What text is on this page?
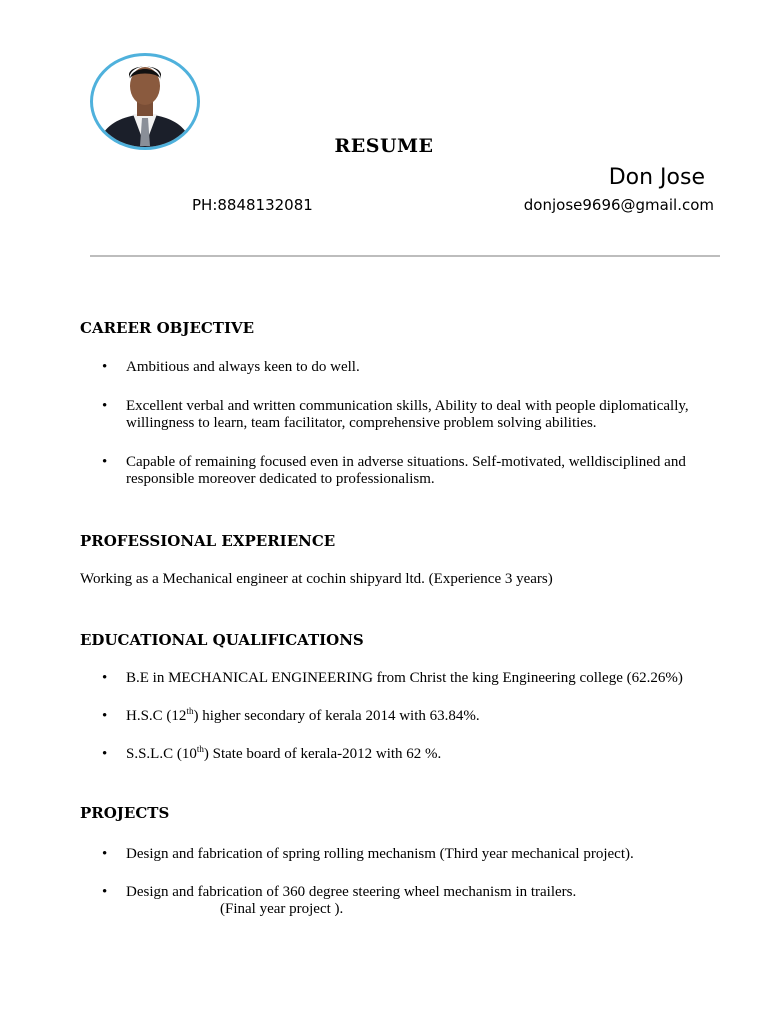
RESUME
Don Jose
PH:8848132081	donjose9696@gmail.com
CAREER OBJECTIVE
• Ambitious and always keen to do well.
• Excellent verbal and written communication skills, Ability to deal with people diplomatically, willingness to learn, team facilitator, comprehensive problem solving abilities.
• Capable of remaining focused even in adverse situations. Self-motivated, welldisciplined and responsible moreover dedicated to professionalism.
PROFESSIONAL EXPERIENCE
Working as a Mechanical engineer at cochin shipyard ltd. (Experience 3 years)
EDUCATIONAL QUALIFICATIONS
• B.E in MECHANICAL ENGINEERING from Christ the king Engineering college (62.26%)
• H.S.C (12th) higher secondary of kerala 2014 with 63.84%.
• S.S.L.C (10th) State board of kerala-2012 with 62 %.
PROJECTS
• Design and fabrication of spring rolling mechanism (Third year mechanical project).
• Design and fabrication of 360 degree steering wheel mechanism in trailers.
(Final year project ).
